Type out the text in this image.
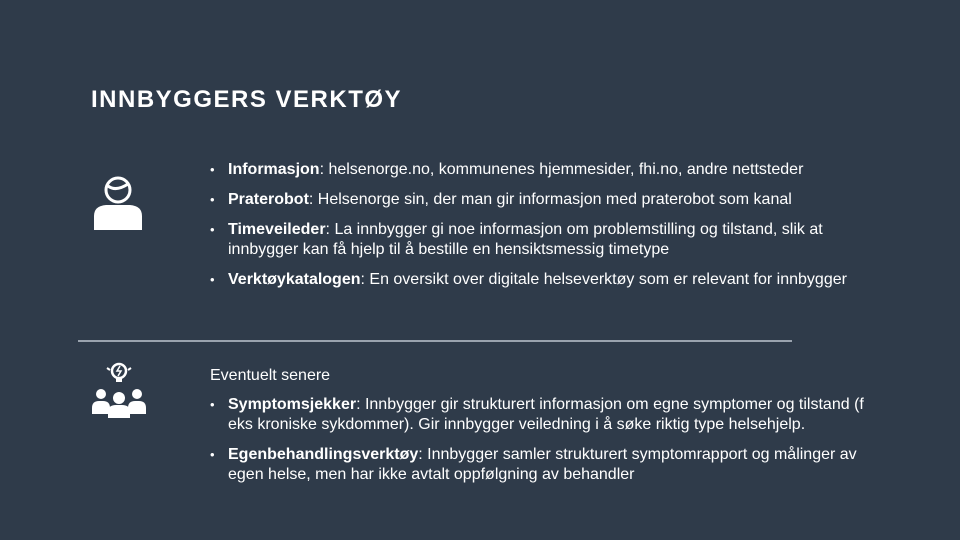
INNBYGGERS VERKTØY
• Informasjon: helsenorge.no, kommunenes hjemmesider, fhi.no, andre nettsteder
• Praterobot: Helsenorge sin, der man gir informasjon med praterobot som kanal
• Timeveileder: La innbygger gi noe informasjon om problemstilling og tilstand, slik at innbygger kan få hjelp til å bestille en hensiktsmessig timetype
• Verktøykatalogen: En oversikt over digitale helseverktøy som er relevant for innbygger
Eventuelt senere
• Symptomsjekker: Innbygger gir strukturert informasjon om egne symptomer og tilstand (f eks kroniske sykdommer). Gir innbygger veiledning i å søke riktig type helsehjelp.
• Egenbehandlingsverktøy: Innbygger samler strukturert symptomrapport og målinger av egen helse, men har ikke avtalt oppfølgning av behandler
